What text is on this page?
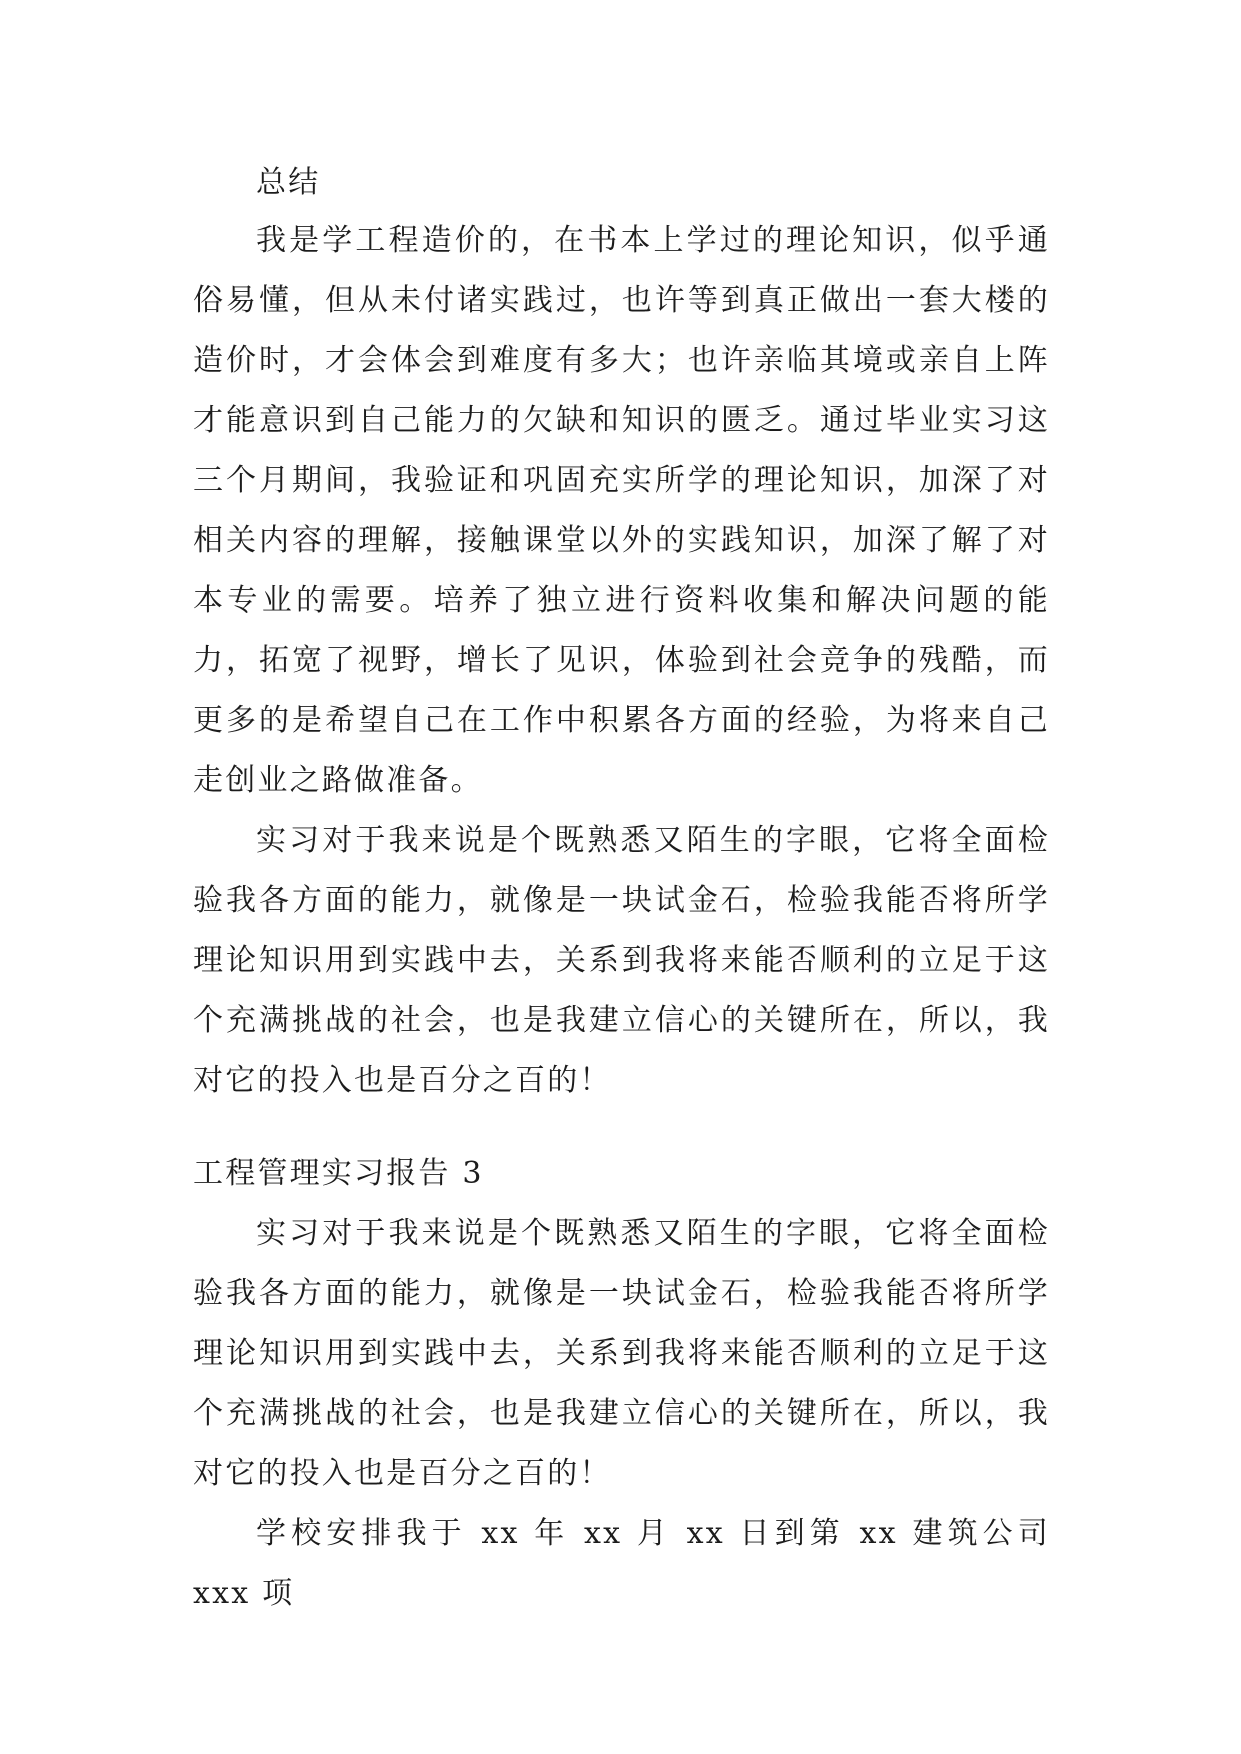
总结

我是学工程造价的，在书本上学过的理论知识，似乎通俗易懂，但从未付诸实践过，也许等到真正做出一套大楼的造价时，才会体会到难度有多大；也许亲临其境或亲自上阵才能意识到自己能力的欠缺和知识的匮乏。通过毕业实习这三个月期间，我验证和巩固充实所学的理论知识，加深了对相关内容的理解，接触课堂以外的实践知识，加深了解了对本专业的需要。培养了独立进行资料收集和解决问题的能力，拓宽了视野，增长了见识，体验到社会竞争的残酷，而更多的是希望自己在工作中积累各方面的经验，为将来自己走创业之路做准备。

实习对于我来说是个既熟悉又陌生的字眼，它将全面检验我各方面的能力，就像是一块试金石，检验我能否将所学理论知识用到实践中去，关系到我将来能否顺利的立足于这个充满挑战的社会，也是我建立信心的关键所在，所以，我对它的投入也是百分之百的！

工程管理实习报告 3

实习对于我来说是个既熟悉又陌生的字眼，它将全面检验我各方面的能力，就像是一块试金石，检验我能否将所学理论知识用到实践中去，关系到我将来能否顺利的立足于这个充满挑战的社会，也是我建立信心的关键所在，所以，我对它的投入也是百分之百的！

学校安排我于 xx 年 xx 月 xx 日到第 xx 建筑公司 xxx 项
